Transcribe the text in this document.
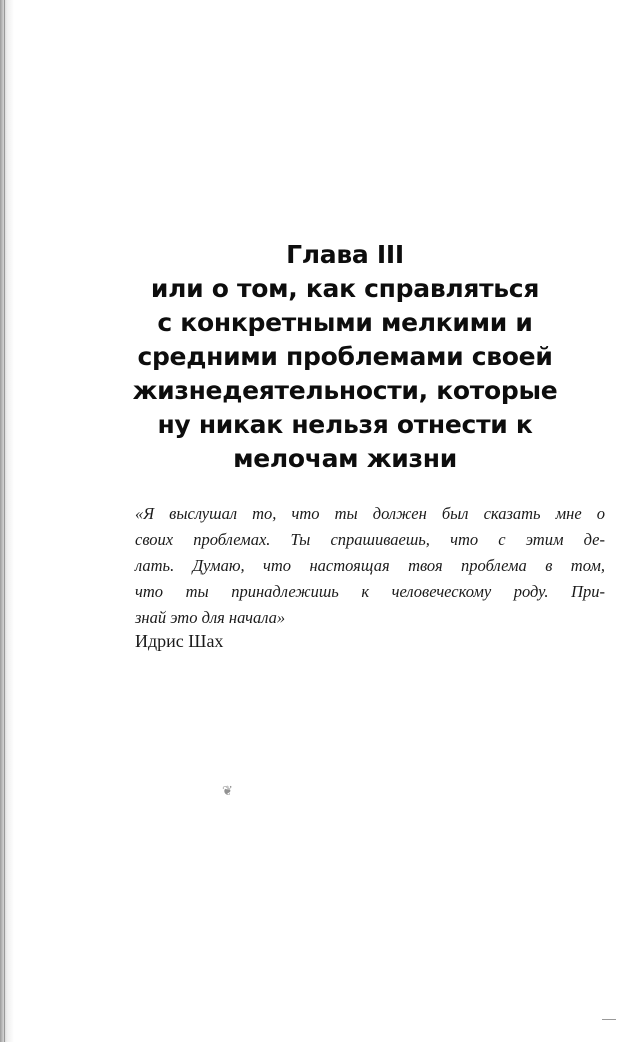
Глава III
или о том, как справляться
с конкретными мелкими и
средними проблемами своей
жизнедеятельности, которые
ну никак нельзя отнести к
мелочам жизни
«Я выслушал то, что ты должен был сказать мне о
своих проблемах. Ты спрашиваешь, что с этим де-
лать. Думаю, что настоящая твоя проблема в том,
что ты принадлежишь к человеческому роду. При-
знай это для начала»
Идрис Шах
❦
